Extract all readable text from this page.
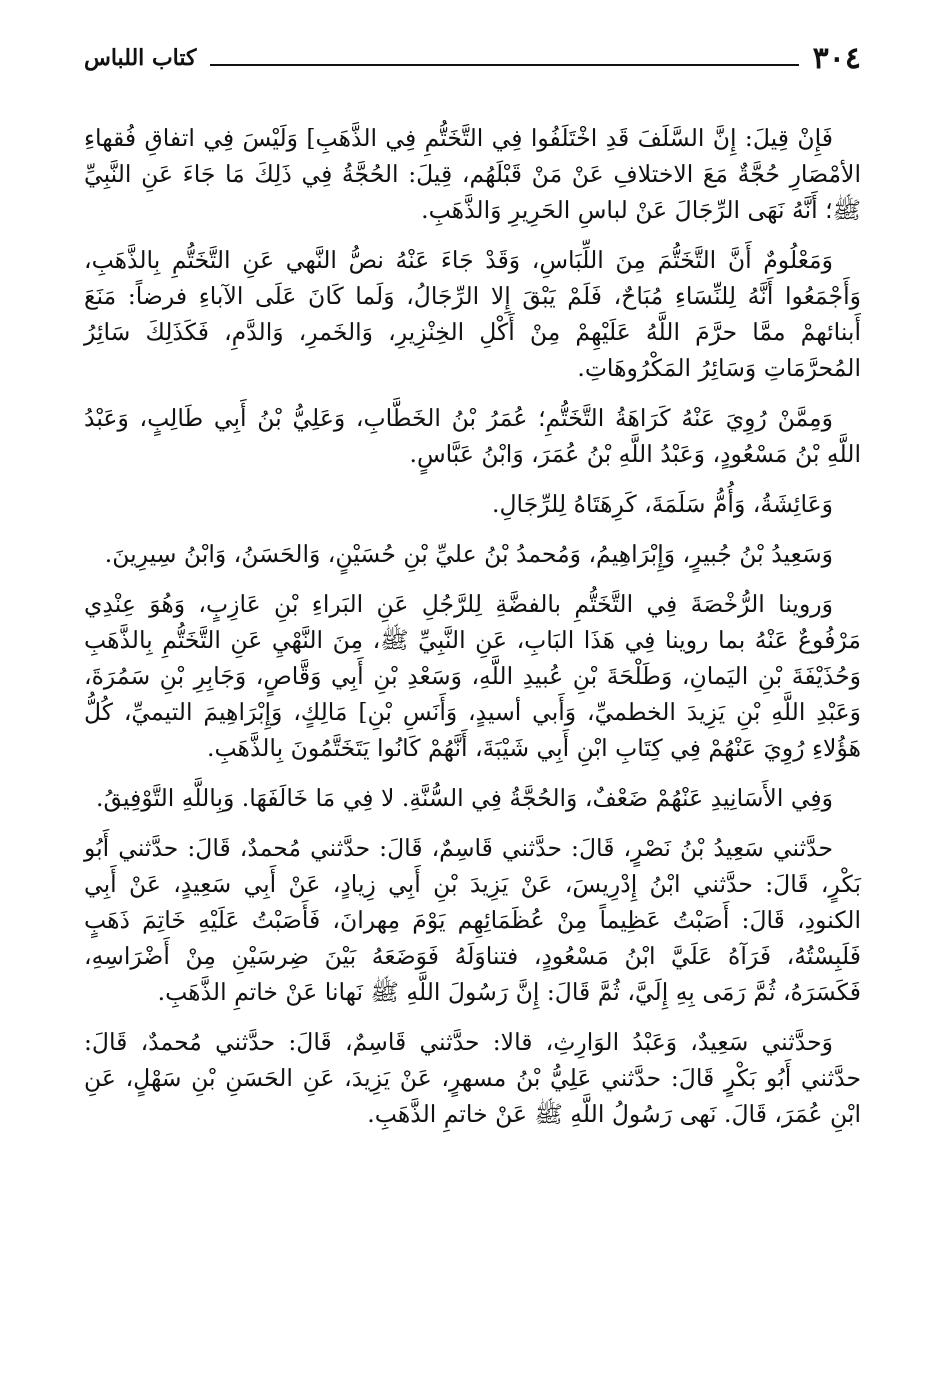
٣٠٤
كتاب اللباس

فَإِنْ قِيلَ: إِنَّ السَّلَفَ قَدِ اخْتَلَفُوا فِي التَّخَتُّمِ فِي الذَّهَبِ] وَلَيْسَ فِي اتفاقِ فُقهاءِ الأمْصَارِ حُجَّةٌ مَعَ الاختلافِ عَنْ مَنْ قَبْلَهُم، قِيلَ: الحُجَّةُ فِي ذَلِكَ مَا جَاءَ عَنِ النَّبِيِّ ﷺ؛ أَنَّهُ نَهَى الرِّجَالَ عَنْ لباسِ الحَرِيرِ وَالذَّهَبِ.

وَمَعْلُومٌ أَنَّ التَّخَتُّمَ مِنَ اللِّبَاسِ، وَقَدْ جَاءَ عَنْهُ نصُّ النَّهي عَنِ التَّخَتُّمِ بِالذَّهَبِ، وَأَجْمَعُوا أَنَّهُ لِلنِّسَاءِ مُبَاحٌ، فَلَمْ يَبْقَ إِلا الرِّجَالُ، وَلَما كَانَ عَلَى الآباءِ فرضاً: مَنَعَ أَبنائهمْ ممَّا حرَّمَ اللَّهُ عَلَيْهِمْ مِنْ أَكْلِ الخِنْزِيرِ، وَالخَمرِ، وَالدَّمِ، فَكَذَلِكَ سَائِرُ المُحرَّمَاتِ وَسَائِرُ المَكْرُوهَاتِ.

وَمِمَّنْ رُوِيَ عَنْهُ كَرَاهَةُ التَّخَتُّمِ؛ عُمَرُ بْنُ الخَطَّابِ، وَعَلِيُّ بْنُ أَبِي طَالِبٍ، وَعَبْدُ اللَّهِ بْنُ مَسْعُودٍ، وَعَبْدُ اللَّهِ بْنُ عُمَرَ، وَابْنُ عَبَّاسٍ.

وَعَائِشَةُ، وَأُمُّ سَلَمَةَ، كَرِهَتَاهُ لِلرِّجَالِ.

وَسَعِيدُ بْنُ جُبيرٍ، وَإِبْرَاهِيمُ، وَمُحمدُ بْنُ عليِّ بْنِ حُسَيْنٍ، وَالحَسَنُ، وَابْنُ سِيرِينَ.

وَروينا الرُّخْصَةَ فِي التَّخَتُّمِ بالفضَّةِ لِلرَّجُلِ عَنِ البَراءِ بْنِ عَازِبٍ، وَهُوَ عِنْدِي مَرْفُوعٌ عَنْهُ بما روينا فِي هَذَا البَابِ، عَنِ النَّبِيِّ ﷺ، مِنَ النَّهْيِ عَنِ التَّخَتُّمِ بِالذَّهَبِ وَحُذَيْفَةَ بْنِ اليَمانِ، وَطَلْحَةَ بْنِ عُبيدِ اللَّهِ، وَسَعْدِ بْنِ أَبِي وَقَّاصٍ، وَجَابِرِ بْنِ سَمُرَةَ، وَعَبْدِ اللَّهِ بْنِ يَزِيدَ الخطميِّ، وَأَبي أسيدٍ، وَأَنَسِ بْنِ] مَالِكٍ، وَإِبْرَاهِيمَ التيميِّ، كُلُّ هَؤُلاءِ رُوِيَ عَنْهُمْ فِي كِتَابِ ابْنِ أَبِي شَيْبَةَ، أَنَّهُمْ كَانُوا يَتَخَتَّمُونَ بِالذَّهَبِ.

وَفِي الأَسَانِيدِ عَنْهُمْ ضَعْفٌ، وَالحُجَّةُ فِي السُّنَّةِ. لا فِي مَا خَالَفَهَا. وَبِاللَّهِ التَّوْفِيقُ.

حدَّثني سَعِيدُ بْنُ نَصْرٍ، قَالَ: حدَّثني قَاسِمٌ، قَالَ: حدَّثني مُحمدٌ، قَالَ: حدَّثني أَبُو بَكْرٍ، قَالَ: حدَّثني ابْنُ إِدْرِيسَ، عَنْ يَزِيدَ بْنِ أَبِي زِيادٍ، عَنْ أَبِي سَعِيدٍ، عَنْ أَبِي الكنودِ، قَالَ: أَصَبْتُ عَظِيماً مِنْ عُظَمَائِهِم يَوْمَ مِهرانَ، فَأَصَبْتُ عَلَيْهِ خَاتِمَ ذَهَبٍ فَلَبِسْتُهُ، فَرَآهُ عَلَيَّ ابْنُ مَسْعُودٍ، فتناوَلَهُ فَوَضَعَهُ بَيْنَ ضِرسَيْنِ مِنْ أَضْرَاسِهِ، فَكَسَرَهُ، ثُمَّ رَمَى بِهِ إِلَيَّ، ثُمَّ قَالَ: إِنَّ رَسُولَ اللَّهِ ﷺ نَهانا عَنْ خاتمِ الذَّهَبِ.

وَحدَّثني سَعِيدٌ، وَعَبْدُ الوَارِثِ، قالا: حدَّثني قَاسِمٌ، قَالَ: حدَّثني مُحمدٌ، قَالَ: حدَّثني أَبُو بَكْرٍ قَالَ: حدَّثني عَلِيُّ بْنُ مسهرٍ، عَنْ يَزِيدَ، عَنِ الحَسَنِ بْنِ سَهْلٍ، عَنِ ابْنِ عُمَرَ، قَالَ. نَهى رَسُولُ اللَّهِ ﷺ عَنْ خاتمِ الذَّهَبِ.
